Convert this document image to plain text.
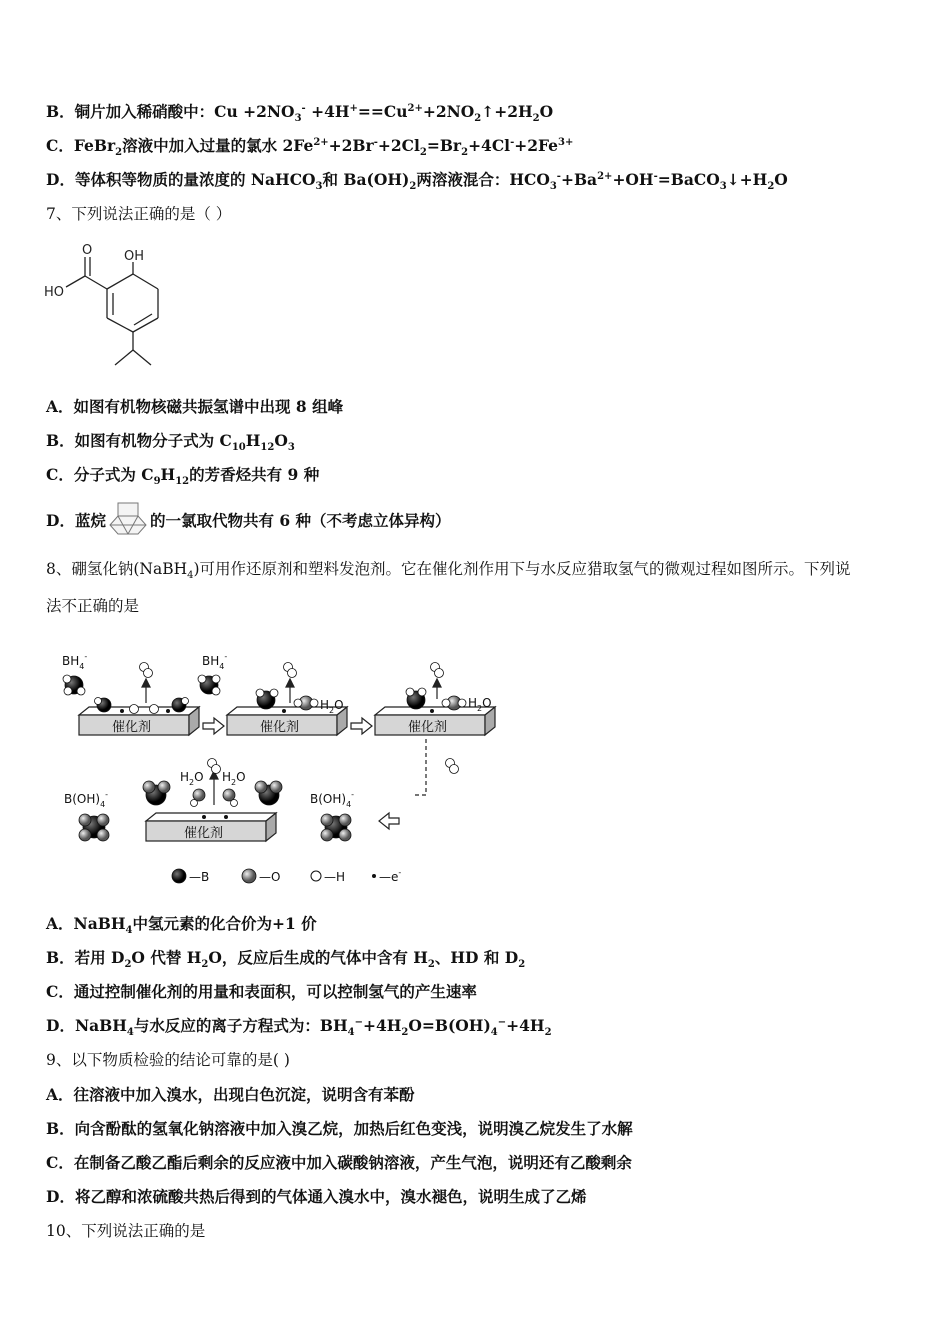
B．铜片加入稀硝酸中：$Cu +2NO_3^-$ $+4H^+==Cu^{2+}+2NO_2↑+2H_2O$
C．FeBr$_2$溶液中加入过量的氯水 $2Fe^{2+}+2Br^-+2Cl_2=Br_2+4Cl^-+2Fe^{3+}$
D．等体积等物质的量浓度的 NaHCO$_3$和 $Ba(OH)_2$两溶液混合：$HCO_3^-+Ba^{2+}+OH^-=BaCO_3↓+H_2O$
7、下列说法正确的是（ ）
O OH
HO
A．如图有机物核磁共振氢谱中出现 8 组峰
B．如图有机物分子式为 $C_{10}H_{12}O_3$
C．分子式为 $C_9H_{12}$的芳香烃共有 9 种
D．蓝烷	的一氯取代物共有 6 种（不考虑立体异构）
8、硼氢化钠(NaBH$_4$)可用作还原剂和塑料发泡剂。它在催化剂作用下与水反应猎取氢气的微观过程如图所示。下列说
法不正确的是
催化剂	催化剂	催化剂
催化剂
$BH_4^-$	$BH_4^-$
$H_2O$	$H_2O$
$H_2O$ $H_2O$
$B(OH)_4^-$	$B(OH)_4^-$
—B	—O	—H	—e-
A．NaBH$_4$中氢元素的化合价为+1 价
B．若用 $D_2O$ 代替 $H_2O$，反应后生成的气体中含有 $H_2$、HD 和 $D_2$
C．通过控制催化剂的用量和表面积，可以控制氢气的产生速率
D．NaBH$_4$与水反应的离子方程式为：$BH_4^-+4H_2O=B(OH)_4^-+4H_2$
9、以下物质检验的结论可靠的是( )
A．往溶液中加入溴水，出现白色沉淀，说明含有苯酚
B．向含酚酞的氢氧化钠溶液中加入溴乙烷，加热后红色变浅，说明溴乙烷发生了水解
C．在制备乙酸乙酯后剩余的反应液中加入碳酸钠溶液，产生气泡，说明还有乙酸剩余
D．将乙醇和浓硫酸共热后得到的气体通入溴水中，溴水褪色，说明生成了乙烯
10、下列说法正确的是
